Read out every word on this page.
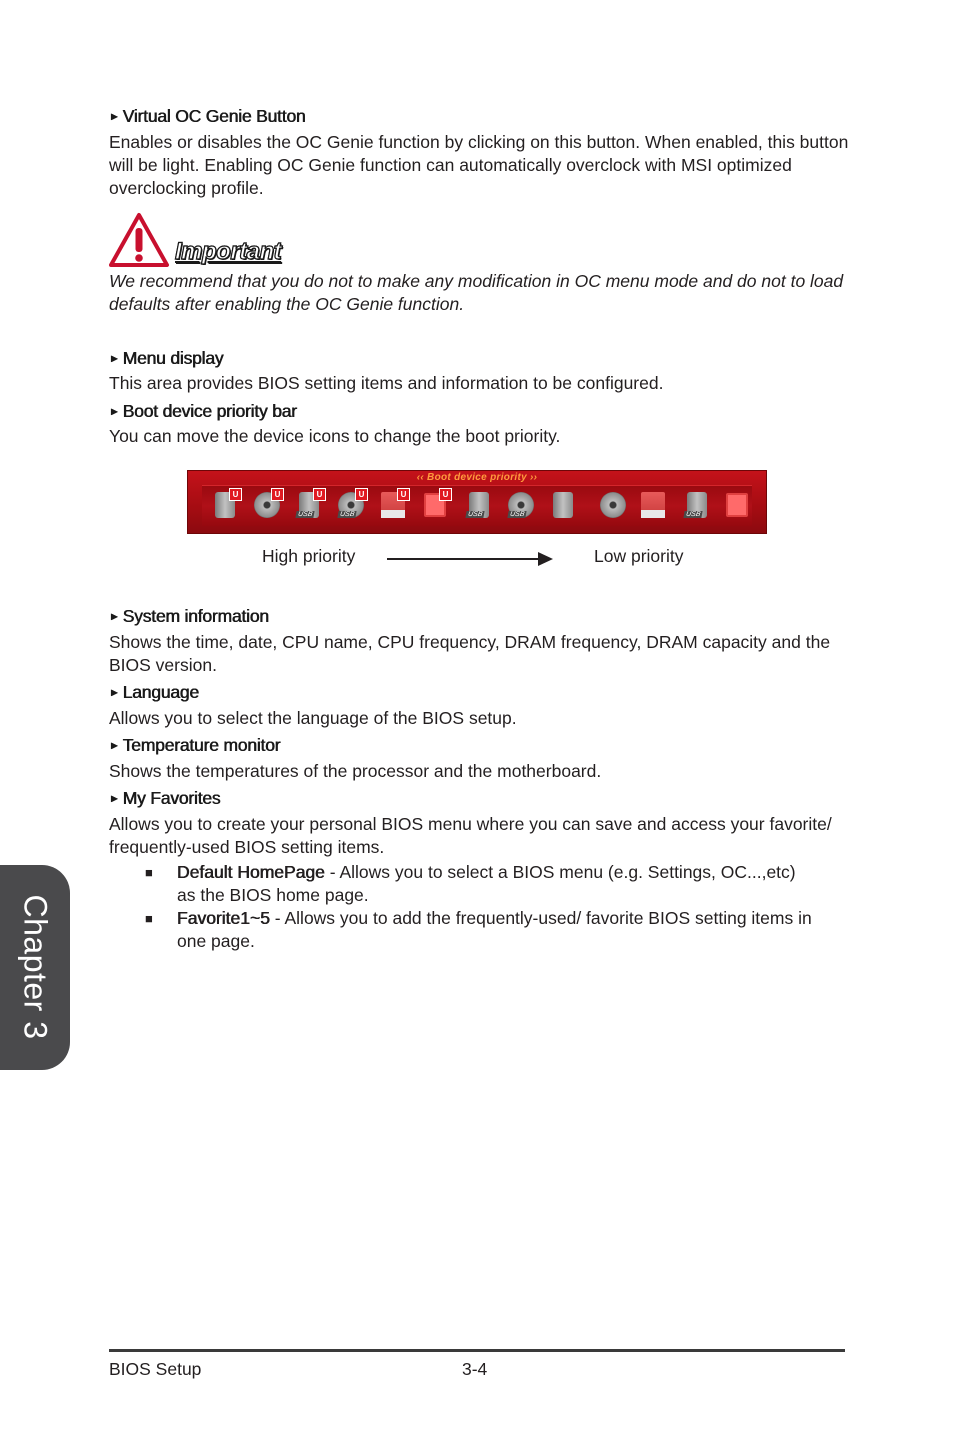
► Virtual OC Genie Button
Enables or disables the OC Genie function by clicking on this button. When enabled, this button will be light. Enabling OC Genie function can automatically overclock with MSI optimized overclocking profile.
Important
We recommend that you do not to make any modification in OC menu mode and do not to load defaults after enabling the OC Genie function.
► Menu display
This area provides BIOS setting items and information to be configured.
► Boot device priority bar
You can move the device icons to change the boot priority.
‹‹ Boot device priority ››
U	U
USB
U
USB
U	U	U
USB	USB	USB
High priority	Low priority
► System information
Shows the time, date, CPU name, CPU frequency, DRAM frequency, DRAM capacity and the BIOS version.
► Language
Allows you to select the language of the BIOS setup.
► Temperature monitor
Shows the temperatures of the processor and the motherboard.
► My Favorites
Allows you to create your personal BIOS menu where you can save and access your favorite/ frequently-used BIOS setting items.
■ Default HomePage - Allows you to select a BIOS menu (e.g. Settings, OC...,etc) as the BIOS home page.
■ Favorite1~5 - Allows you to add the frequently-used/ favorite BIOS setting items in one page.
Chapter 3
BIOS Setup	3-4
